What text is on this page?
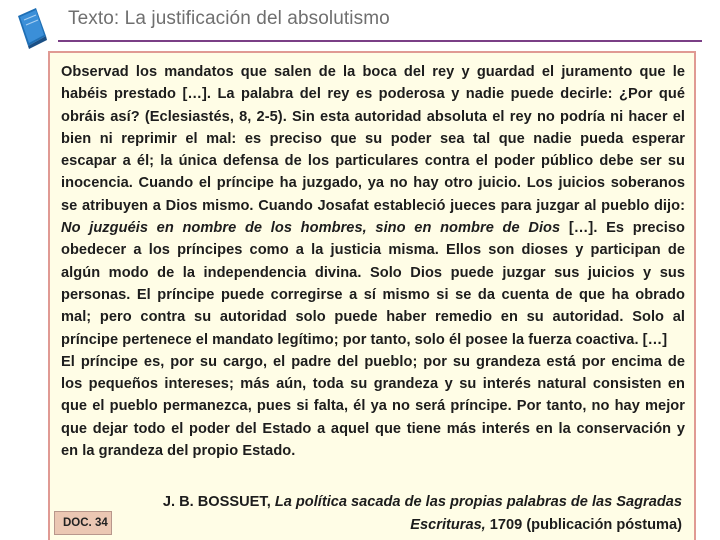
Texto: La justificación del absolutismo
Observad los mandatos que salen de la boca del rey y guardad el juramento que le
habéis prestado […]. La palabra del rey es poderosa y nadie puede decirle: ¿Por qué
obráis así? (Eclesiastés, 8, 2-5). Sin esta autoridad absoluta el rey no podría ni hacer el
bien ni reprimir el mal: es preciso que su poder sea tal que nadie pueda esperar
escapar a él; la única defensa de los particulares contra el poder público debe ser su
inocencia. Cuando el príncipe ha juzgado, ya no hay otro juicio. Los juicios soberanos
se atribuyen a Dios mismo. Cuando Josafat estableció jueces para juzgar al pueblo dijo:
No juzguéis en nombre de los hombres, sino en nombre de Dios […]. Es preciso
obedecer a los príncipes como a la justicia misma. Ellos son dioses y participan de
algún modo de la independencia divina. Solo Dios puede juzgar sus juicios y sus
personas. El príncipe puede corregirse a sí mismo si se da cuenta de que ha obrado
mal; pero contra su autoridad solo puede haber remedio en su autoridad. Solo al
príncipe pertenece el mandato legítimo; por tanto, solo él posee la fuerza coactiva. […]
El príncipe es, por su cargo, el padre del pueblo; por su grandeza está por encima de
los pequeños intereses; más aún, toda su grandeza y su interés natural consisten en
que el pueblo permanezca, pues si falta, él ya no será príncipe. Por tanto, no hay mejor
que dejar todo el poder del Estado a aquel que tiene más interés en la conservación y
en la grandeza del propio Estado.
J. B. BOSSUET, La política sacada de las propias palabras de las Sagradas
Escrituras, 1709 (publicación póstuma)
DOC. 34
